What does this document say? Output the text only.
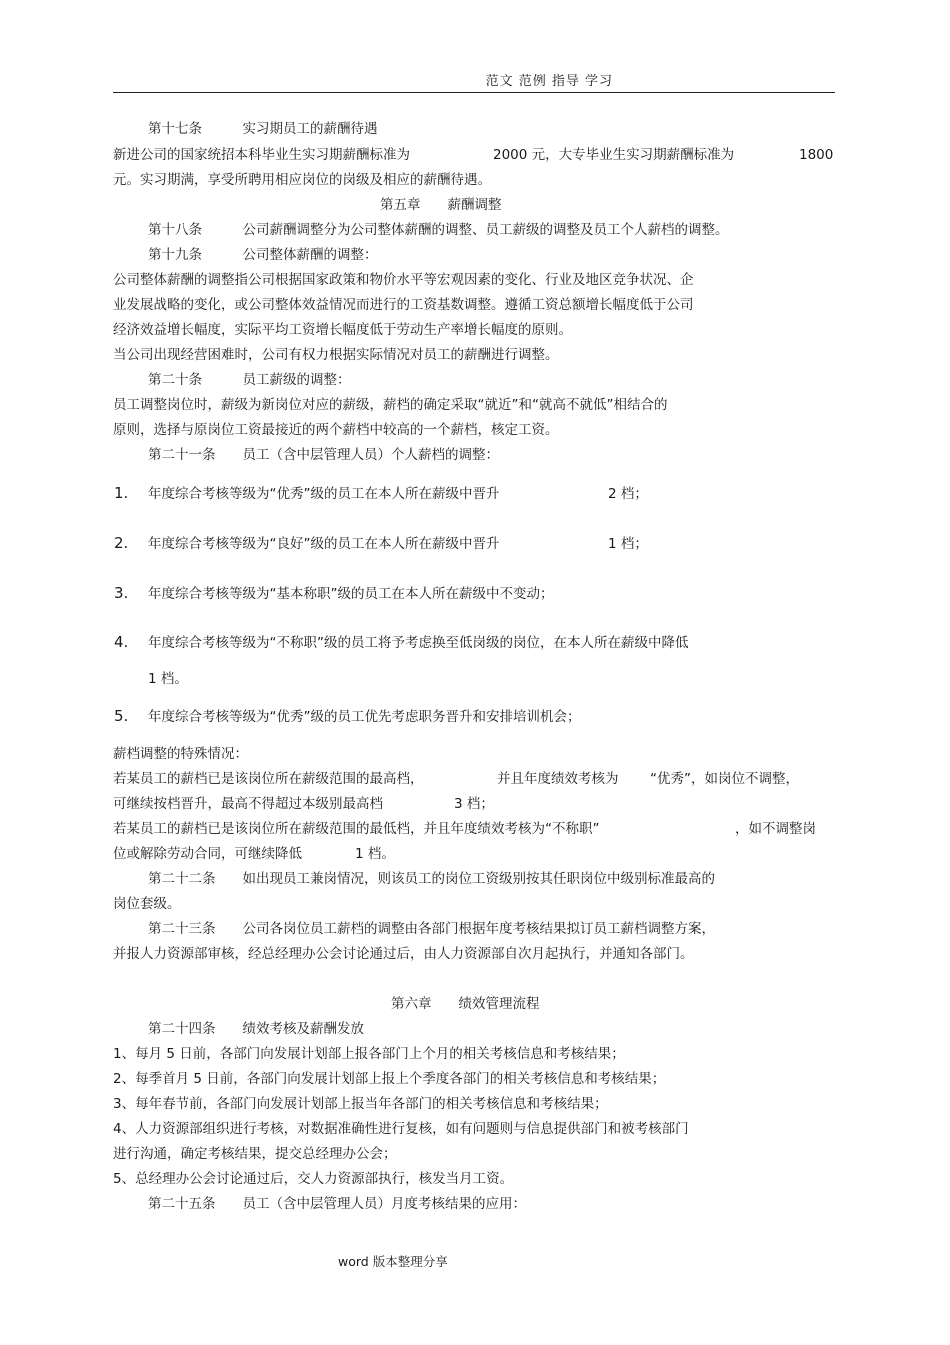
范文 范例 指导 学习
第十七条　　　实习期员工的薪酬待遇
新进公司的国家统招本科毕业生实习期薪酬标准为	2000 元，大专毕业生实习期薪酬标准为	1800
元。实习期满，享受所聘用相应岗位的岗级及相应的薪酬待遇。
第五章　　薪酬调整
第十八条　　　公司薪酬调整分为公司整体薪酬的调整、员工薪级的调整及员工个人薪档的调整。
第十九条　　　公司整体薪酬的调整：
公司整体薪酬的调整指公司根据国家政策和物价水平等宏观因素的变化、行业及地区竞争状况、企
业发展战略的变化，或公司整体效益情况而进行的工资基数调整。遵循工资总额增长幅度低于公司
经济效益增长幅度，实际平均工资增长幅度低于劳动生产率增长幅度的原则。
当公司出现经营困难时，公司有权力根据实际情况对员工的薪酬进行调整。
第二十条　　　员工薪级的调整：
员工调整岗位时，薪级为新岗位对应的薪级，薪档的确定采取“就近”和“就高不就低”相结合的
原则，选择与原岗位工资最接近的两个薪档中较高的一个薪档，核定工资。
第二十一条　　员工（含中层管理人员）个人薪档的调整：
1. 年度综合考核等级为“优秀”级的员工在本人所在薪级中晋升	2 档；
2. 年度综合考核等级为“良好”级的员工在本人所在薪级中晋升	1 档；
3. 年度综合考核等级为“基本称职”级的员工在本人所在薪级中不变动；
4. 年度综合考核等级为“不称职”级的员工将予考虑换至低岗级的岗位，在本人所在薪级中降低
1 档。
5. 年度综合考核等级为“优秀”级的员工优先考虑职务晋升和安排培训机会；
薪档调整的特殊情况：
若某员工的薪档已是该岗位所在薪级范围的最高档，	并且年度绩效考核为 “优秀”，如岗位不调整，
可继续按档晋升，最高不得超过本级别最高档	3 档；
若某员工的薪档已是该岗位所在薪级范围的最低档，并且年度绩效考核为“不称职”	，如不调整岗
位或解除劳动合同，可继续降低	1 档。
第二十二条　　如出现员工兼岗情况，则该员工的岗位工资级别按其任职岗位中级别标准最高的
岗位套级。
第二十三条　　公司各岗位员工薪档的调整由各部门根据年度考核结果拟订员工薪档调整方案，
并报人力资源部审核，经总经理办公会讨论通过后，由人力资源部自次月起执行，并通知各部门。
第六章　　绩效管理流程
第二十四条　　绩效考核及薪酬发放
1、每月 5 日前，各部门向发展计划部上报各部门上个月的相关考核信息和考核结果；
2、每季首月 5 日前，各部门向发展计划部上报上个季度各部门的相关考核信息和考核结果；
3、每年春节前，各部门向发展计划部上报当年各部门的相关考核信息和考核结果；
4、人力资源部组织进行考核，对数据准确性进行复核，如有问题则与信息提供部门和被考核部门
进行沟通，确定考核结果，提交总经理办公会；
5、总经理办公会讨论通过后，交人力资源部执行，核发当月工资。
第二十五条　　员工（含中层管理人员）月度考核结果的应用：
word 版本整理分享
